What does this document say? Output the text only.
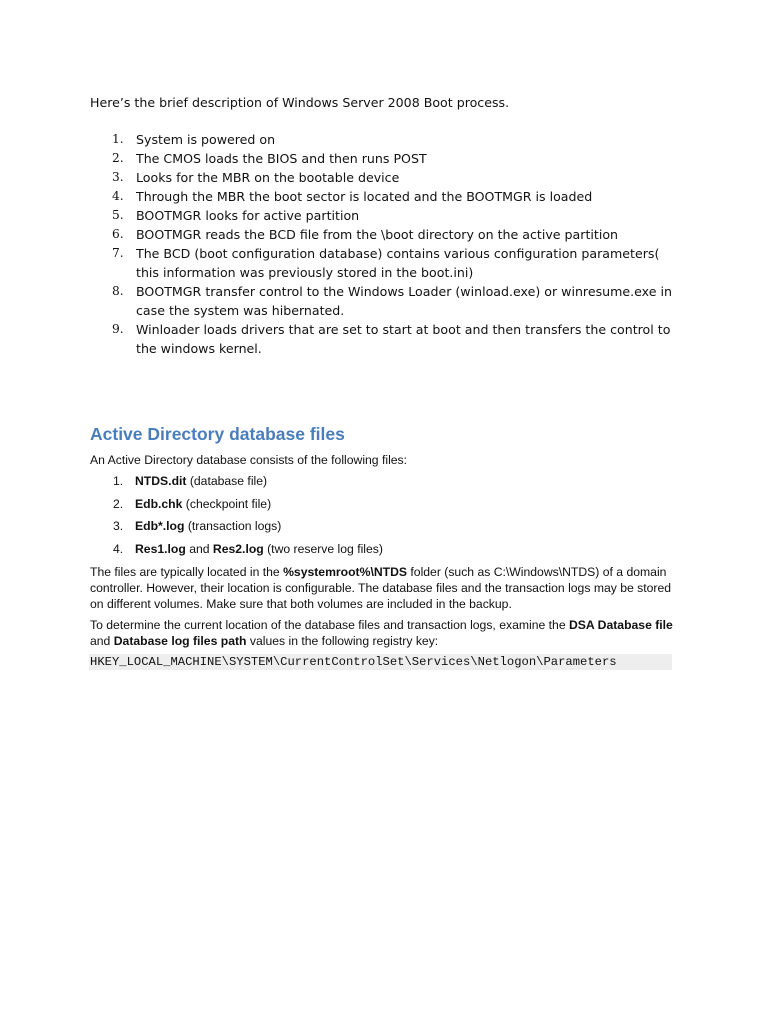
Here’s the brief description of Windows Server 2008 Boot process.

1. System is powered on
2. The CMOS loads the BIOS and then runs POST
3. Looks for the MBR on the bootable device
4. Through the MBR the boot sector is located and the BOOTMGR is loaded
5. BOOTMGR looks for active partition
6. BOOTMGR reads the BCD file from the \boot directory on the active partition
7. The BCD (boot configuration database) contains various configuration parameters( this information was previously stored in the boot.ini)
8. BOOTMGR transfer control to the Windows Loader (winload.exe) or winresume.exe in case the system was hibernated.
9. Winloader loads drivers that are set to start at boot and then transfers the control to the windows kernel.
Active Directory database files

An Active Directory database consists of the following files:

1. NTDS.dit (database file)
2. Edb.chk (checkpoint file)
3. Edb*.log (transaction logs)
4. Res1.log and Res2.log (two reserve log files)

The files are typically located in the %systemroot%\NTDS folder (such as C:\Windows\NTDS) of a domain controller. However, their location is configurable. The database files and the transaction logs may be stored on different volumes. Make sure that both volumes are included in the backup.

To determine the current location of the database files and transaction logs, examine the DSA Database file and Database log files path values in the following registry key:

HKEY_LOCAL_MACHINE\SYSTEM\CurrentControlSet\Services\Netlogon\Parameters
